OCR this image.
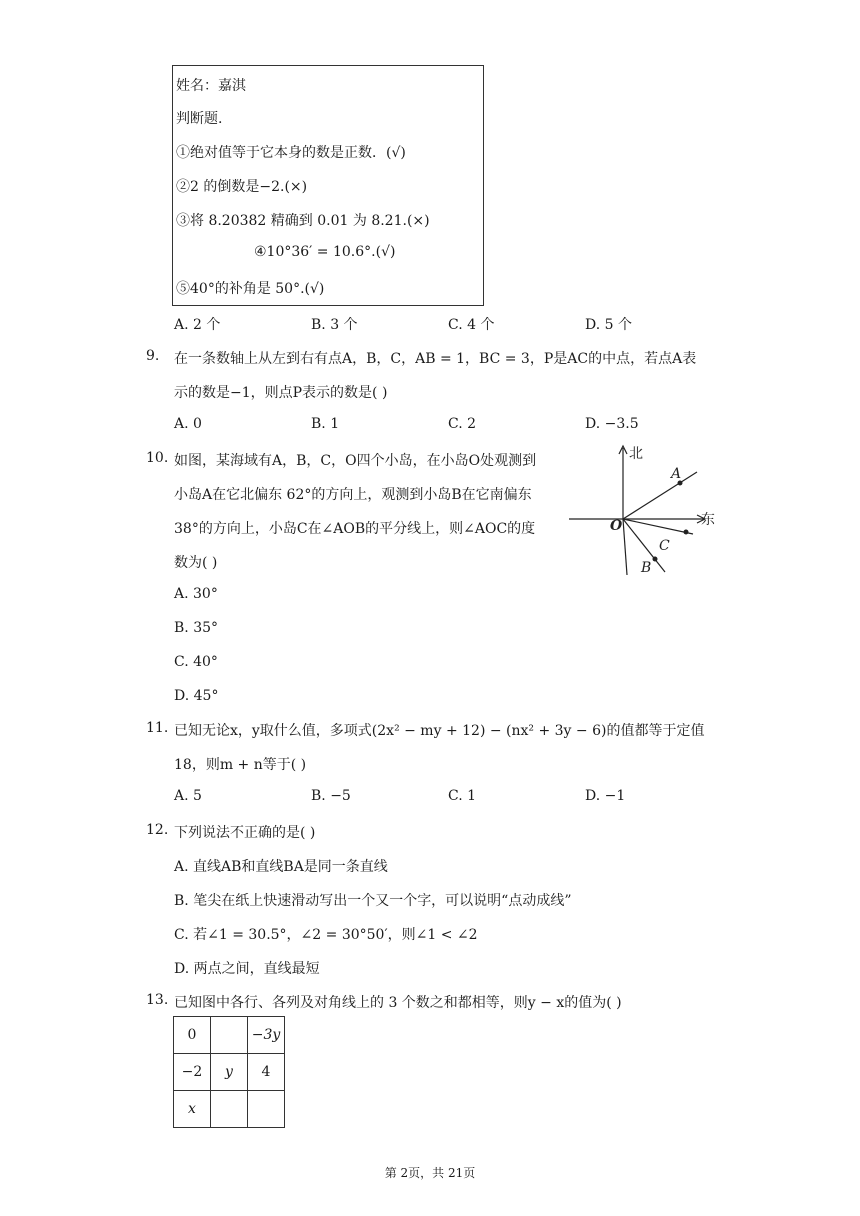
姓名：嘉淇
判断题.
①绝对值等于它本身的数是正数．(√)
②2 的倒数是−2.(×)
③将 8.20382 精确到 0.01 为 8.21.(×)
④10°36′ = 10.6°.(√)
⑤40°的补角是 50°.(√)
A. 2 个	B. 3 个	C. 4 个	D. 5 个
9. 在一条数轴上从左到右有点A，B，C，AB = 1，BC = 3，P是AC的中点，若点A表
示的数是−1，则点P表示的数是( )
A. 0	B. 1	C. 2	D. −3.5
10. 如图，某海域有A，B，C，O四个小岛，在小岛O处观测到
小岛A在它北偏东 62°的方向上，观测到小岛B在它南偏东
38°的方向上，小岛C在∠AOB的平分线上，则∠AOC的度
数为( )
A. 30°
B. 35°
C. 40°
D. 45°
北
东
A
O
C
B
11. 已知无论x，y取什么值，多项式(2x² − my + 12) − (nx² + 3y − 6)的值都等于定值
18，则m + n等于( )
A. 5	B. −5	C. 1	D. −1
12. 下列说法不正确的是( )
A. 直线AB和直线BA是同一条直线
B. 笔尖在纸上快速滑动写出一个又一个字，可以说明“点动成线”
C. 若∠1 = 30.5°，∠2 = 30°50′，则∠1 < ∠2
D. 两点之间，直线最短
13. 已知图中各行、各列及对角线上的 3 个数之和都相等，则y − x的值为( )
0		−3y
−2	y	4
x		
第 2页，共 21页
